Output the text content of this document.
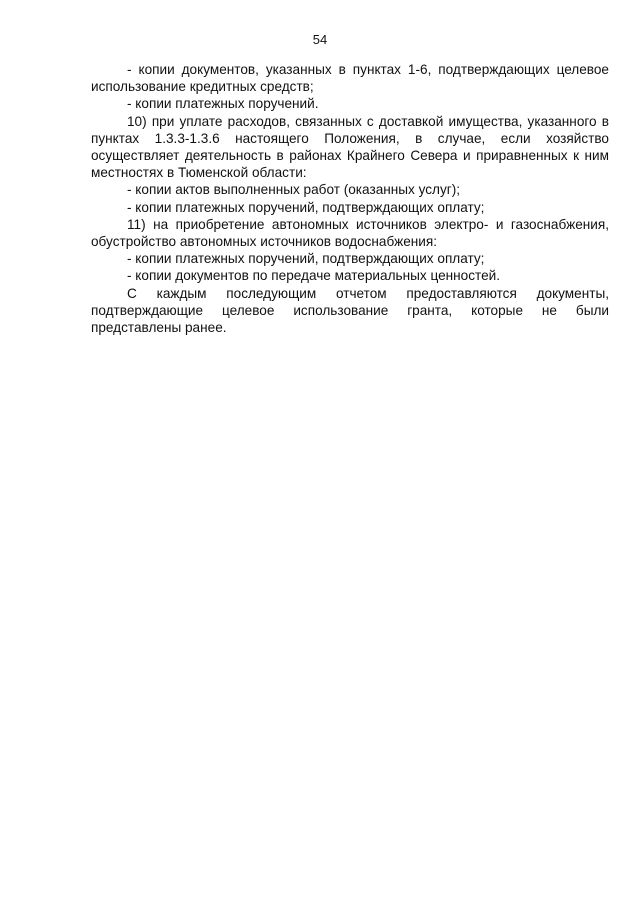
54

- копии документов, указанных в пунктах 1-6, подтверждающих целевое использование кредитных средств;

- копии платежных поручений.

10) при уплате расходов, связанных с доставкой имущества, указанного в пунктах 1.3.3-1.3.6 настоящего Положения, в случае, если хозяйство осуществляет деятельность в районах Крайнего Севера и приравненных к ним местностях в Тюменской области:

- копии актов выполненных работ (оказанных услуг);

- копии платежных поручений, подтверждающих оплату;

11) на приобретение автономных источников электро- и газоснабжения, обустройство автономных источников водоснабжения:

- копии платежных поручений, подтверждающих оплату;

- копии документов по передаче материальных ценностей.

С каждым последующим отчетом предоставляются документы, подтверждающие целевое использование гранта, которые не были представлены ранее.
